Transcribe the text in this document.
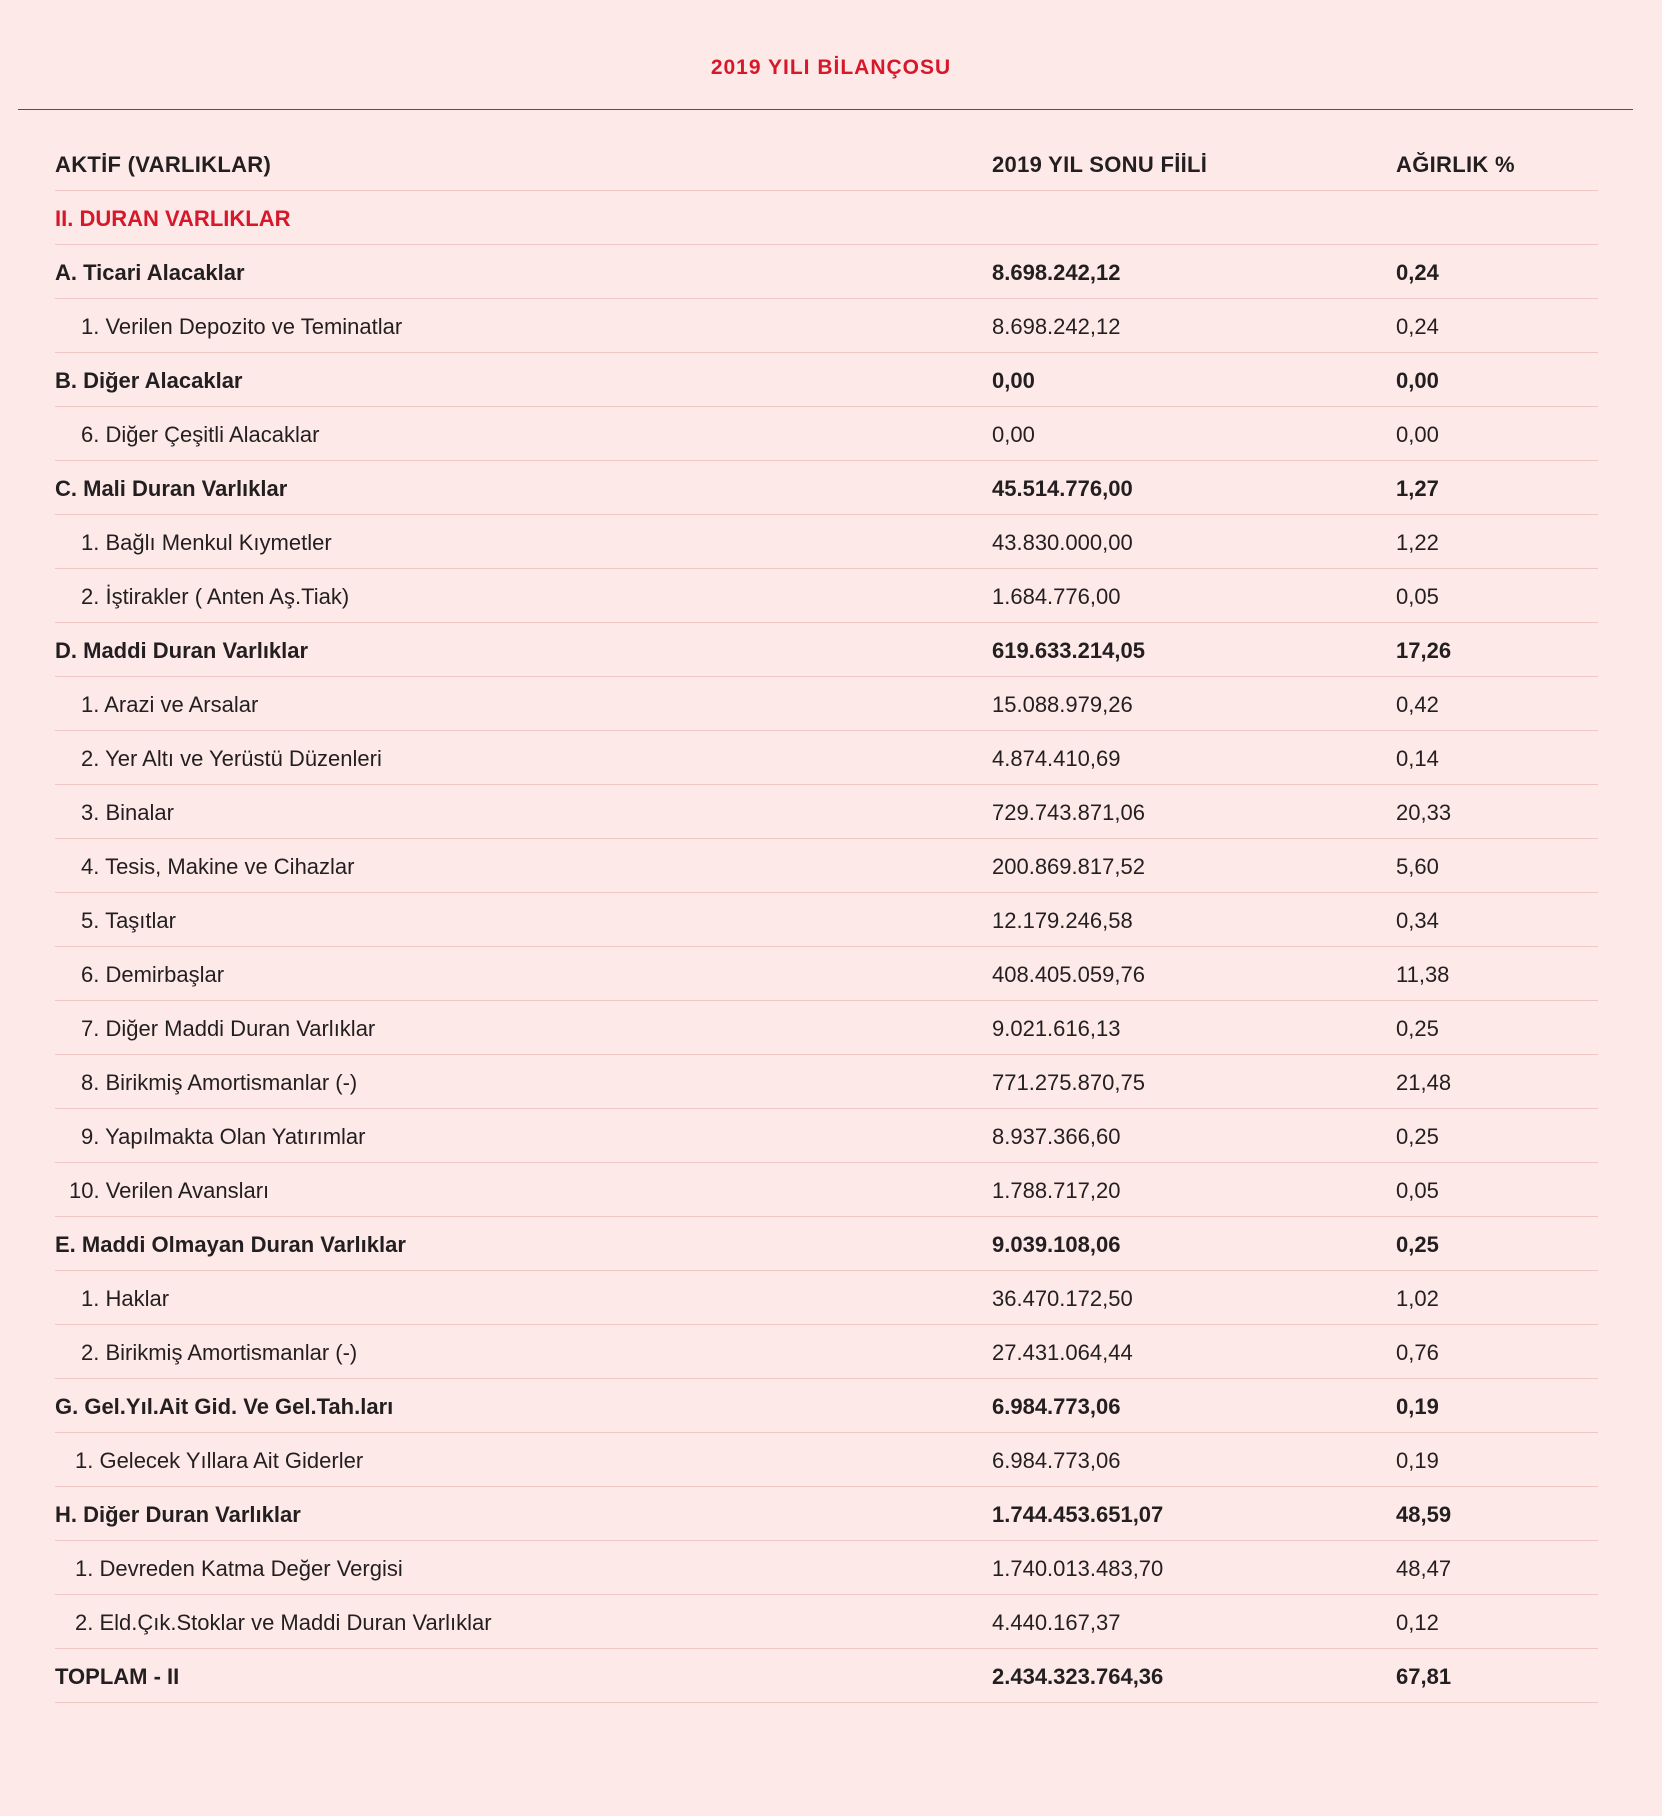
2019 YILI BİLANÇOSU
AKTİF (VARLIKLAR)	2019 YIL SONU FİİLİ	AĞIRLIK %
II. DURAN VARLIKLAR
A. Ticari Alacaklar	8.698.242,12	0,24
1. Verilen Depozito ve Teminatlar	8.698.242,12	0,24
B. Diğer Alacaklar	0,00	0,00
6. Diğer Çeşitli Alacaklar	0,00	0,00
C. Mali Duran Varlıklar	45.514.776,00	1,27
1. Bağlı Menkul Kıymetler	43.830.000,00	1,22
2. İştirakler ( Anten Aş.Tiak)	1.684.776,00	0,05
D. Maddi Duran Varlıklar	619.633.214,05	17,26
1. Arazi ve Arsalar	15.088.979,26	0,42
2. Yer Altı ve Yerüstü Düzenleri	4.874.410,69	0,14
3. Binalar	729.743.871,06	20,33
4. Tesis, Makine ve Cihazlar	200.869.817,52	5,60
5. Taşıtlar	12.179.246,58	0,34
6. Demirbaşlar	408.405.059,76	11,38
7. Diğer Maddi Duran Varlıklar	9.021.616,13	0,25
8. Birikmiş Amortismanlar (-)	771.275.870,75	21,48
9. Yapılmakta Olan Yatırımlar	8.937.366,60	0,25
10. Verilen Avansları	1.788.717,20	0,05
E. Maddi Olmayan Duran Varlıklar	9.039.108,06	0,25
1. Haklar	36.470.172,50	1,02
2. Birikmiş Amortismanlar (-)	27.431.064,44	0,76
G. Gel.Yıl.Ait Gid. Ve Gel.Tah.ları	6.984.773,06	0,19
1. Gelecek Yıllara Ait Giderler	6.984.773,06	0,19
H. Diğer Duran Varlıklar	1.744.453.651,07	48,59
1. Devreden Katma Değer Vergisi	1.740.013.483,70	48,47
2. Eld.Çık.Stoklar ve Maddi Duran Varlıklar	4.440.167,37	0,12
TOPLAM - II	2.434.323.764,36	67,81
